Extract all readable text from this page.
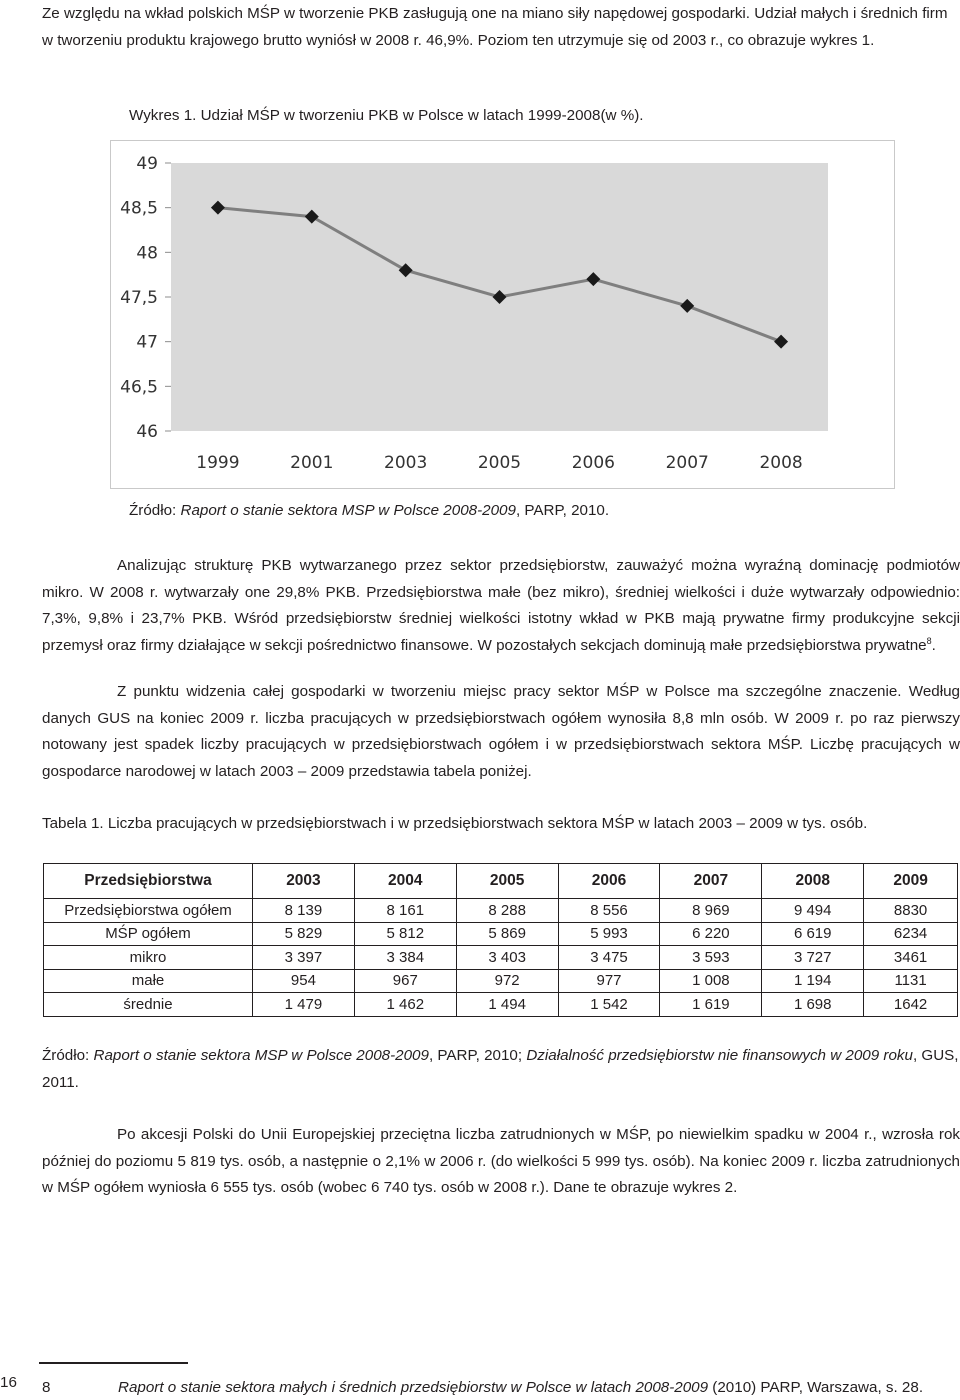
Ze względu na wkład polskich MŚP w tworzenie PKB zasługują one na miano siły napędowej gospodarki. Udział małych i średnich firm w tworzeniu produktu krajowego brutto wyniósł w 2008 r. 46,9%. Poziom ten utrzymuje się od 2003 r., co obrazuje wykres 1.

Wykres 1. Udział MŚP w tworzeniu PKB w Polsce w latach 1999-2008(w %).

46
46,5
47
47,5
48
48,5
49
1999	2001	2003	2005	2006	2007	2008

Źródło: Raport o stanie sektora MSP w Polsce 2008-2009, PARP, 2010.

Analizując strukturę PKB wytwarzanego przez sektor przedsiębiorstw, zauważyć można wyraźną dominację podmiotów mikro. W 2008 r. wytwarzały one 29,8% PKB. Przedsiębiorstwa małe (bez mikro), średniej wielkości i duże wytwarzały odpowiednio: 7,3%, 9,8% i 23,7% PKB. Wśród przedsiębiorstw średniej wielkości istotny wkład w PKB mają prywatne firmy produkcyjne sekcji przemysł oraz firmy działające w sekcji pośrednictwo finansowe. W pozostałych sekcjach dominują małe przedsiębiorstwa prywatne$^8$.

Z punktu widzenia całej gospodarki w tworzeniu miejsc pracy sektor MŚP w Polsce ma szczególne znaczenie. Według danych GUS na koniec 2009 r. liczba pracujących w przedsiębiorstwach ogółem wynosiła 8,8 mln osób. W 2009 r. po raz pierwszy notowany jest spadek liczby pracujących w przedsiębiorstwach ogółem i w przedsiębiorstwach sektora MŚP. Liczbę pracujących w gospodarce narodowej w latach 2003 – 2009 przedstawia tabela poniżej.

Tabela 1. Liczba pracujących w przedsiębiorstwach i w przedsiębiorstwach sektora MŚP w latach 2003 – 2009 w tys. osób.

Przedsiębiorstwa	2003	2004	2005	2006	2007	2008	2009
Przedsiębiorstwa ogółem	8 139	8 161	8 288	8 556	8 969	9 494	8830
MŚP ogółem	5 829	5 812	5 869	5 993	6 220	6 619	6234
mikro	3 397	3 384	3 403	3 475	3 593	3 727	3461
małe	954	967	972	977	1 008	1 194	1131
średnie	1 479	1 462	1 494	1 542	1 619	1 698	1642

Źródło: Raport o stanie sektora MSP w Polsce 2008-2009, PARP, 2010; Działalność przedsiębiorstw nie finansowych w 2009 roku, GUS, 2011.

Po akcesji Polski do Unii Europejskiej przeciętna liczba zatrudnionych w MŚP, po niewielkim spadku w 2004 r., wzrosła rok później do poziomu 5 819 tys. osób, a następnie o 2,1% w 2006 r. (do wielkości 5 999 tys. osób). Na koniec 2009 r. liczba zatrudnionych w MŚP ogółem wyniosła 6 555 tys. osób (wobec 6 740 tys. osób w 2008 r.). Dane te obrazuje wykres 2.

16 8	Raport o stanie sektora małych i średnich przedsiębiorstw w Polsce w latach 2008-2009 (2010) PARP, Warszawa, s. 28.
